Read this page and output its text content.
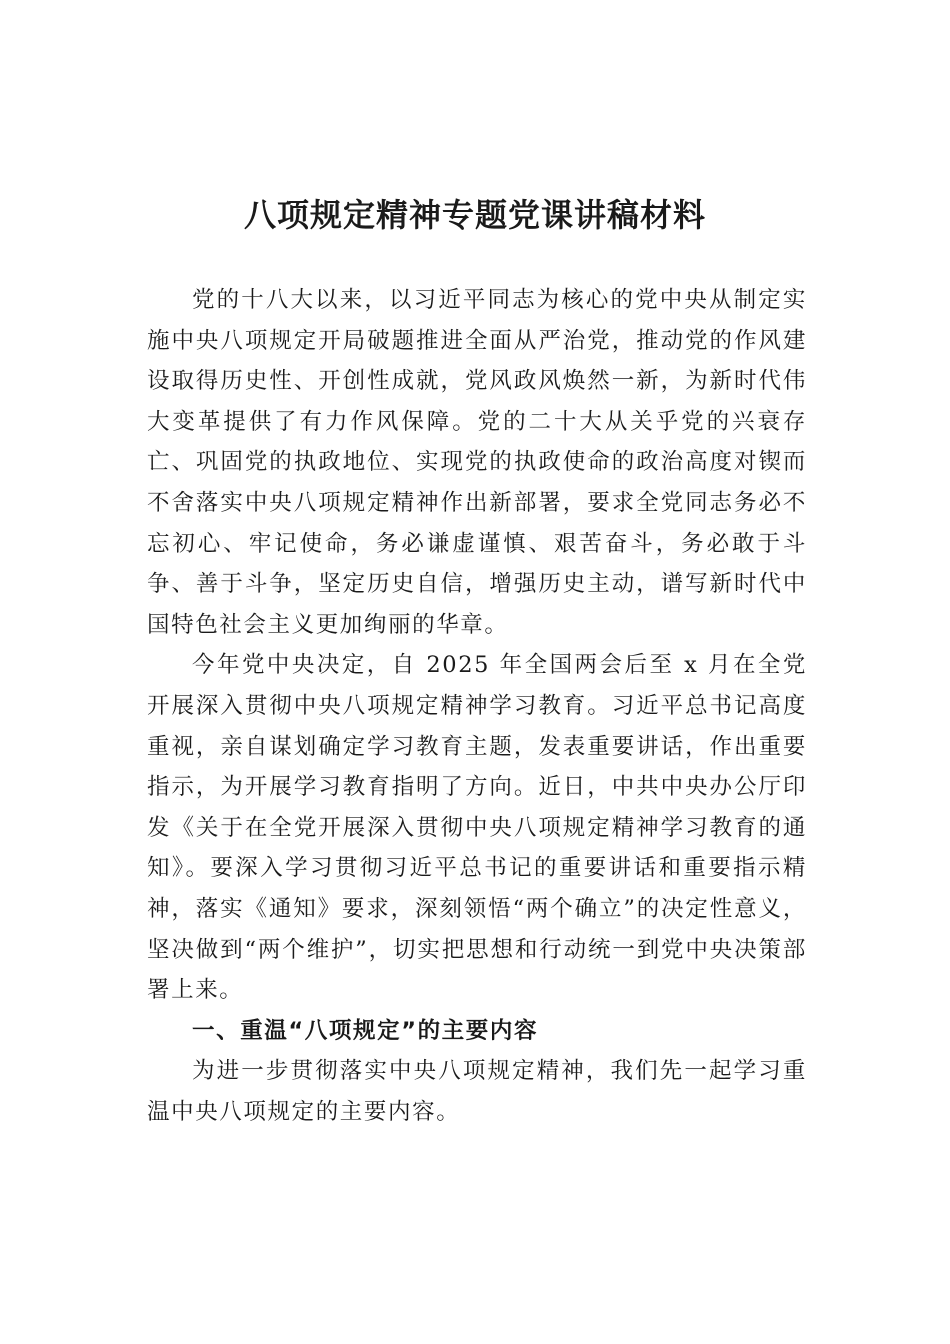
八项规定精神专题党课讲稿材料

党的十八大以来，以习近平同志为核心的党中央从制定实施中央八项规定开局破题推进全面从严治党，推动党的作风建设取得历史性、开创性成就，党风政风焕然一新，为新时代伟大变革提供了有力作风保障。党的二十大从关乎党的兴衰存亡、巩固党的执政地位、实现党的执政使命的政治高度对锲而不舍落实中央八项规定精神作出新部署，要求全党同志务必不忘初心、牢记使命，务必谦虚谨慎、艰苦奋斗，务必敢于斗争、善于斗争，坚定历史自信，增强历史主动，谱写新时代中国特色社会主义更加绚丽的华章。

今年党中央决定，自 2025 年全国两会后至 x 月在全党开展深入贯彻中央八项规定精神学习教育。习近平总书记高度重视，亲自谋划确定学习教育主题，发表重要讲话，作出重要指示，为开展学习教育指明了方向。近日，中共中央办公厅印发《关于在全党开展深入贯彻中央八项规定精神学习教育的通知》。要深入学习贯彻习近平总书记的重要讲话和重要指示精神，落实《通知》要求，深刻领悟“两个确立”的决定性意义，坚决做到“两个维护”，切实把思想和行动统一到党中央决策部署上来。

一、重温“八项规定”的主要内容

为进一步贯彻落实中央八项规定精神，我们先一起学习重温中央八项规定的主要内容。
